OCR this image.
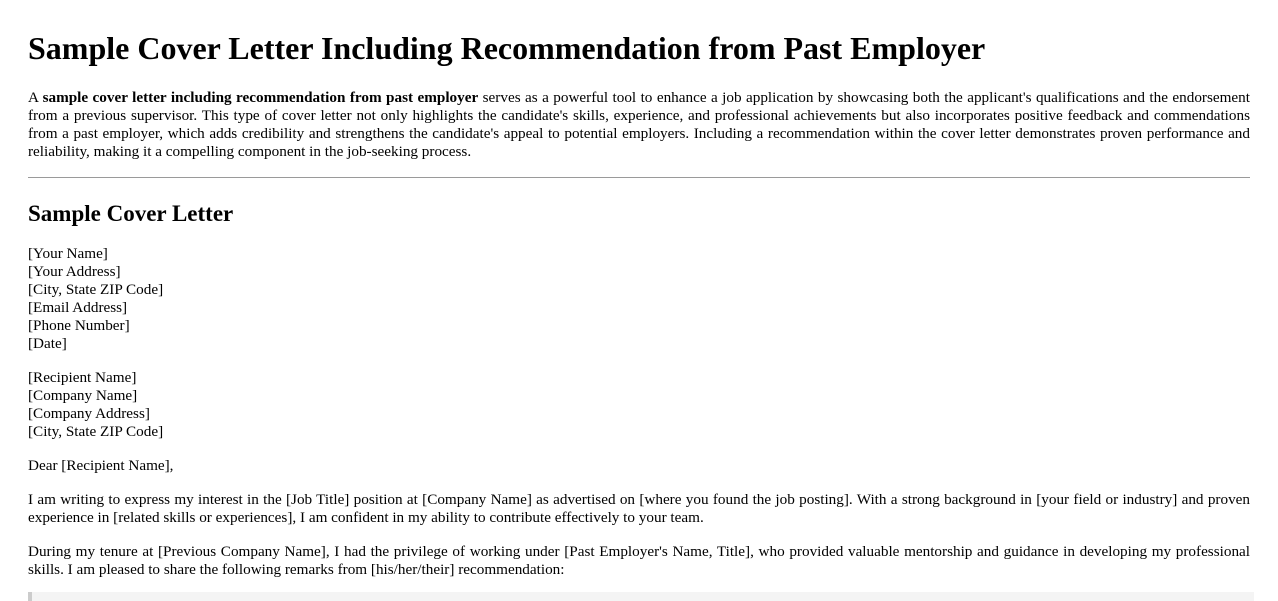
Sample Cover Letter Including Recommendation from Past Employer

A sample cover letter including recommendation from past employer serves as a powerful tool to enhance a job application by showcasing both the applicant's qualifications and the endorsement from a previous supervisor. This type of cover letter not only highlights the candidate's skills, experience, and professional achievements but also incorporates positive feedback and commendations from a past employer, which adds credibility and strengthens the candidate's appeal to potential employers. Including a recommendation within the cover letter demonstrates proven performance and reliability, making it a compelling component in the job-seeking process.

Sample Cover Letter
[Your Name]
[Your Address]
[City, State ZIP Code]
[Email Address]
[Phone Number]
[Date]
[Recipient Name]
[Company Name]
[Company Address]
[City, State ZIP Code]

Dear [Recipient Name],

I am writing to express my interest in the [Job Title] position at [Company Name] as advertised on [where you found the job posting]. With a strong background in [your field or industry] and proven experience in [related skills or experiences], I am confident in my ability to contribute effectively to your team.

During my tenure at [Previous Company Name], I had the privilege of working under [Past Employer's Name, Title], who provided valuable mentorship and guidance in developing my professional skills. I am pleased to share the following remarks from [his/her/their] recommendation:
